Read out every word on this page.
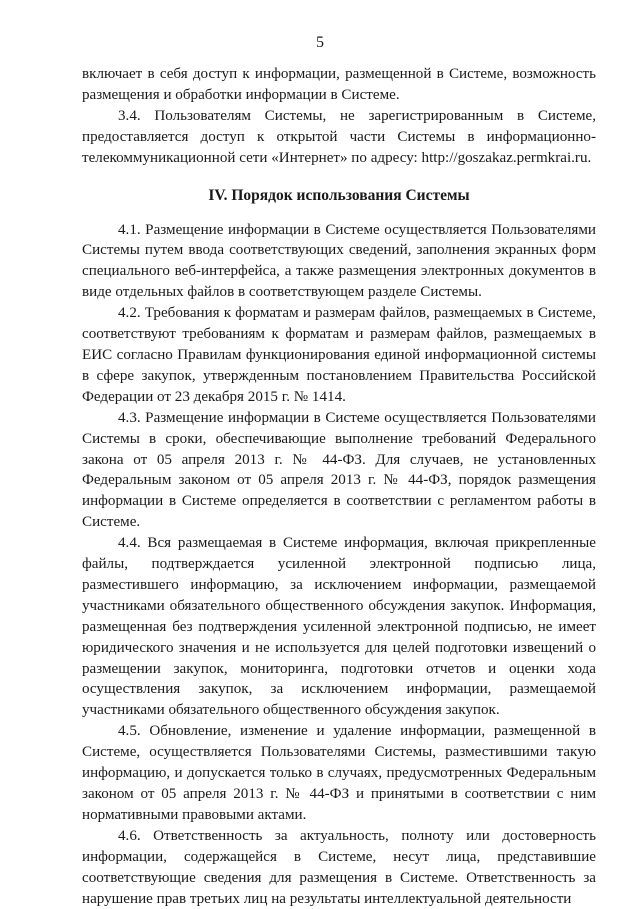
5

включает в себя доступ к информации, размещенной в Системе, возможность размещения и обработки информации в Системе.

3.4. Пользователям Системы, не зарегистрированным в Системе, предоставляется доступ к открытой части Системы в информационно-телекоммуникационной сети «Интернет» по адресу: http://goszakaz.permkrai.ru.

IV. Порядок использования Системы

4.1. Размещение информации в Системе осуществляется Пользователями Системы путем ввода соответствующих сведений, заполнения экранных форм специального веб-интерфейса, а также размещения электронных документов в виде отдельных файлов в соответствующем разделе Системы.

4.2. Требования к форматам и размерам файлов, размещаемых в Системе, соответствуют требованиям к форматам и размерам файлов, размещаемых в ЕИС согласно Правилам функционирования единой информационной системы в сфере закупок, утвержденным постановлением Правительства Российской Федерации от 23 декабря 2015 г. № 1414.

4.3. Размещение информации в Системе осуществляется Пользователями Системы в сроки, обеспечивающие выполнение требований Федерального закона от 05 апреля 2013 г. № 44-ФЗ. Для случаев, не установленных Федеральным законом от 05 апреля 2013 г. № 44-ФЗ, порядок размещения информации в Системе определяется в соответствии с регламентом работы в Системе.

4.4. Вся размещаемая в Системе информация, включая прикрепленные файлы, подтверждается усиленной электронной подписью лица, разместившего информацию, за исключением информации, размещаемой участниками обязательного общественного обсуждения закупок. Информация, размещенная без подтверждения усиленной электронной подписью, не имеет юридического значения и не используется для целей подготовки извещений о размещении закупок, мониторинга, подготовки отчетов и оценки хода осуществления закупок, за исключением информации, размещаемой участниками обязательного общественного обсуждения закупок.

4.5. Обновление, изменение и удаление информации, размещенной в Системе, осуществляется Пользователями Системы, разместившими такую информацию, и допускается только в случаях, предусмотренных Федеральным законом от 05 апреля 2013 г. № 44-ФЗ и принятыми в соответствии с ним нормативными правовыми актами.

4.6. Ответственность за актуальность, полноту или достоверность информации, содержащейся в Системе, несут лица, представившие соответствующие сведения для размещения в Системе. Ответственность за нарушение прав третьих лиц на результаты интеллектуальной деятельности
